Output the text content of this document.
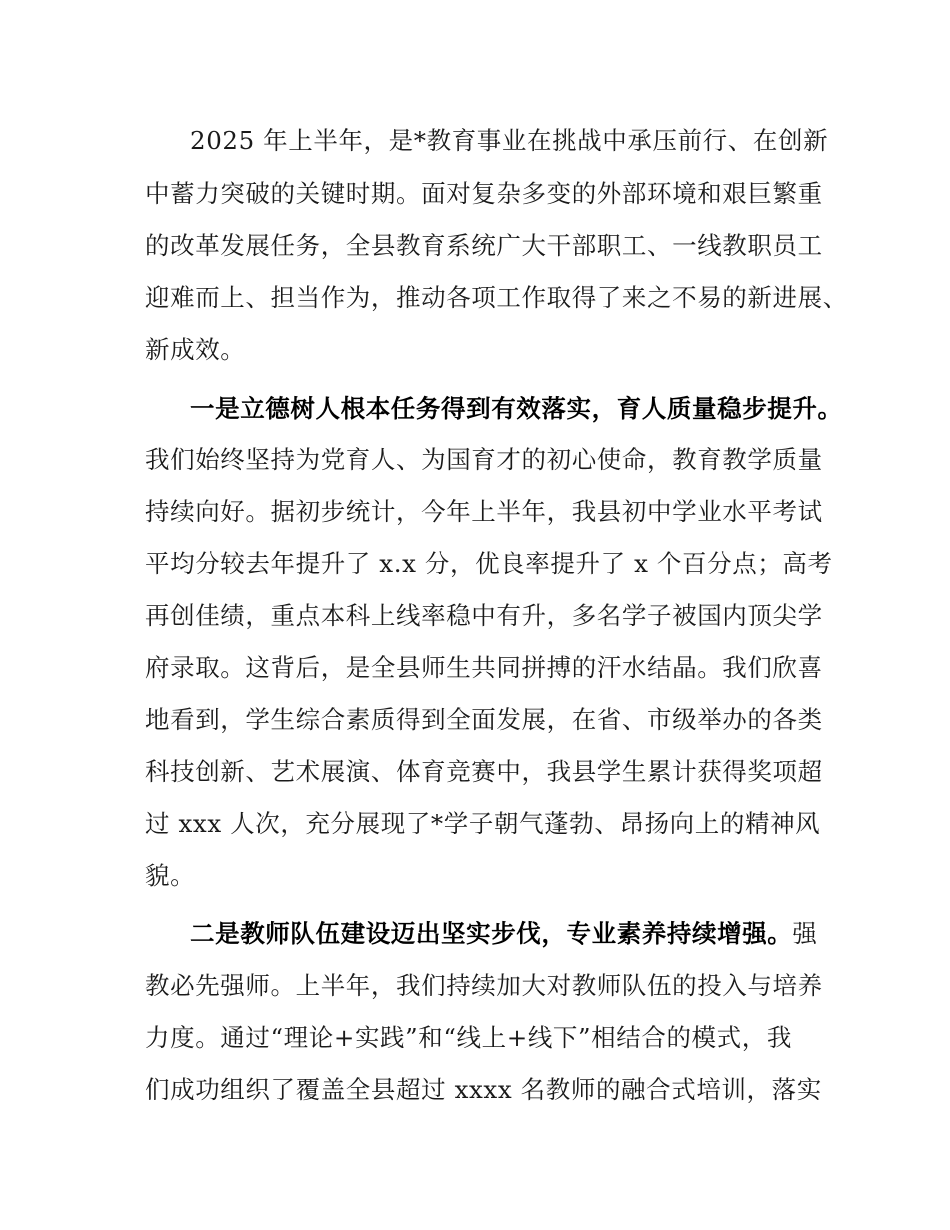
2025 年上半年，是*教育事业在挑战中承压前行、在创新

中蓄力突破的关键时期。面对复杂多变的外部环境和艰巨繁重

的改革发展任务，全县教育系统广大干部职工、一线教职员工

迎难而上、担当作为，推动各项工作取得了来之不易的新进展、

新成效。

一是立德树人根本任务得到有效落实，育人质量稳步提升。

我们始终坚持为党育人、为国育才的初心使命，教育教学质量

持续向好。据初步统计，今年上半年，我县初中学业水平考试

平均分较去年提升了 x.x 分，优良率提升了 x 个百分点；高考

再创佳绩，重点本科上线率稳中有升，多名学子被国内顶尖学

府录取。这背后，是全县师生共同拼搏的汗水结晶。我们欣喜

地看到，学生综合素质得到全面发展，在省、市级举办的各类

科技创新、艺术展演、体育竞赛中，我县学生累计获得奖项超

过 xxx 人次，充分展现了*学子朝气蓬勃、昂扬向上的精神风

貌。

二是教师队伍建设迈出坚实步伐，专业素养持续增强。强

教必先强师。上半年，我们持续加大对教师队伍的投入与培养

力度。通过“理论+实践”和“线上+线下”相结合的模式，我

们成功组织了覆盖全县超过 xxxx 名教师的融合式培训，落实
